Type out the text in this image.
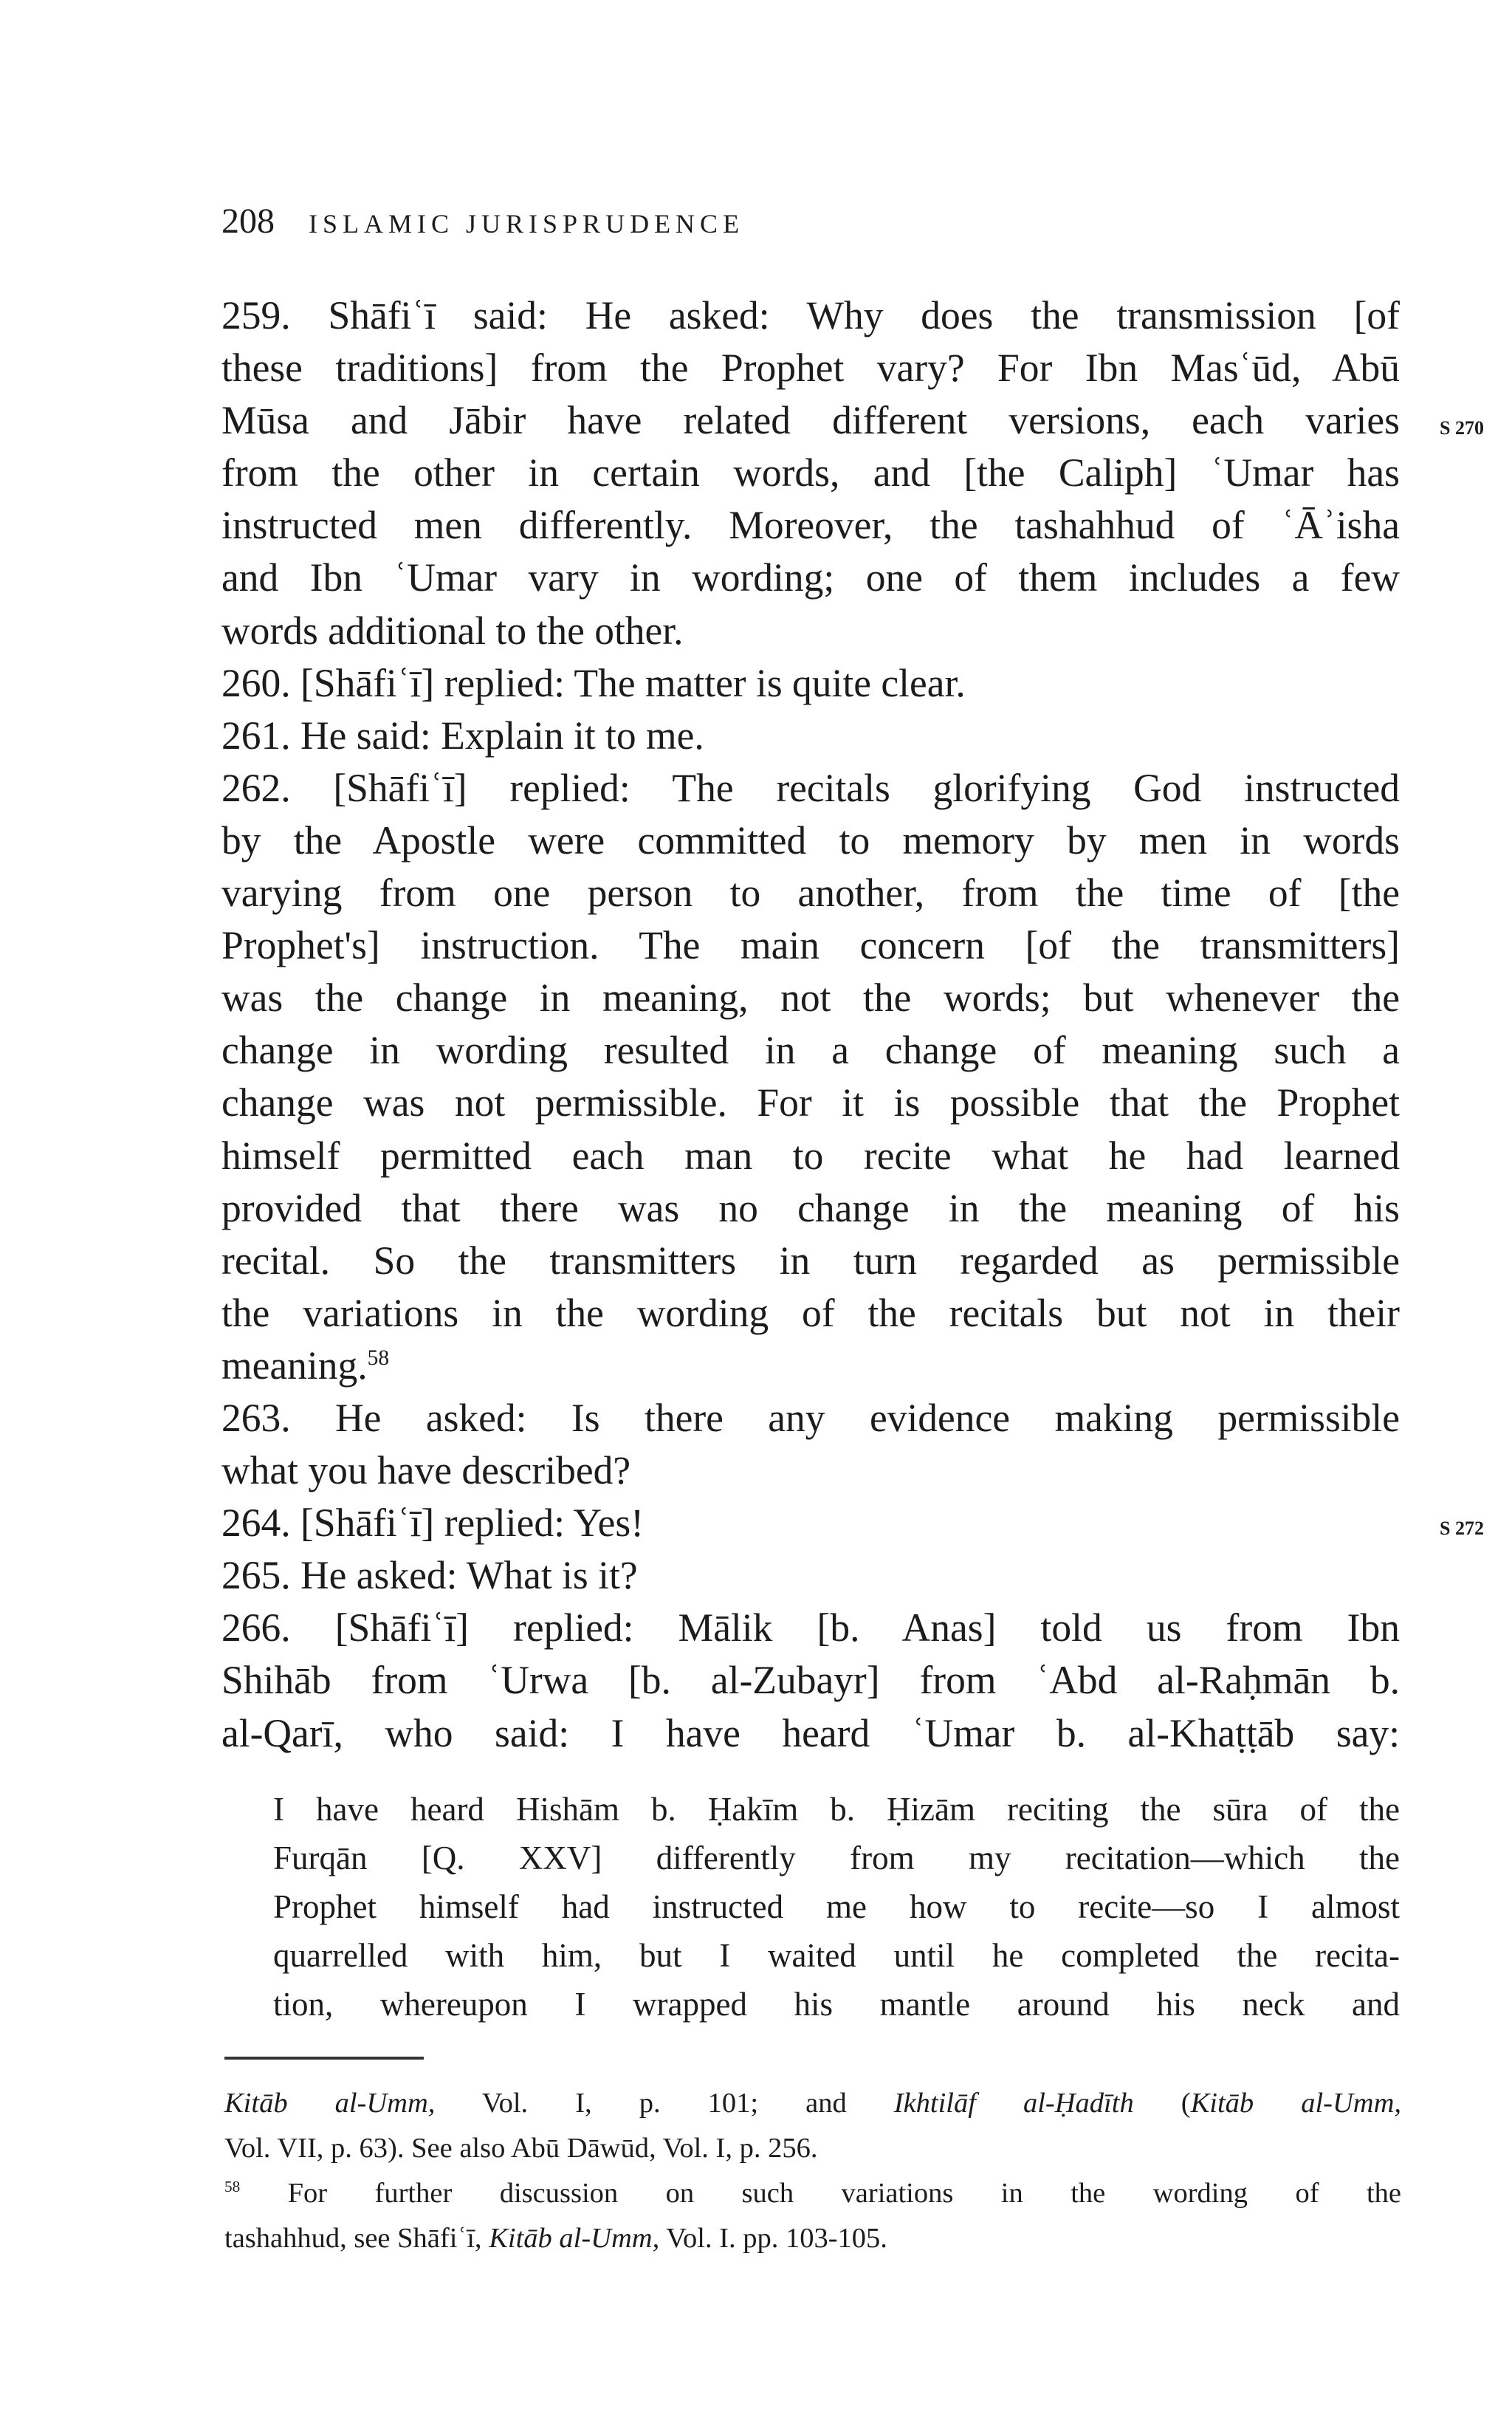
208 ISLAMIC JURISPRUDENCE
S 270
S 272
259. Shāfiʿī said: He asked: Why does the transmission [of
these traditions] from the Prophet vary? For Ibn Masʿūd, Abū
Mūsa and Jābir have related different versions, each varies
from the other in certain words, and [the Caliph] ʿUmar has
instructed men differently. Moreover, the tashahhud of ʿĀʾisha
and Ibn ʿUmar vary in wording; one of them includes a few
words additional to the other.
260. [Shāfiʿī] replied: The matter is quite clear.
261. He said: Explain it to me.
262. [Shāfiʿī] replied: The recitals glorifying God instructed
by the Apostle were committed to memory by men in words
varying from one person to another, from the time of [the
Prophet's] instruction. The main concern [of the transmitters]
was the change in meaning, not the words; but whenever the
change in wording resulted in a change of meaning such a
change was not permissible. For it is possible that the Prophet
himself permitted each man to recite what he had learned
provided that there was no change in the meaning of his
recital. So the transmitters in turn regarded as permissible
the variations in the wording of the recitals but not in their
meaning.$^{58}$
263. He asked: Is there any evidence making permissible
what you have described?
264. [Shāfiʿī] replied: Yes!
265. He asked: What is it?
266. [Shāfiʿī] replied: Mālik [b. Anas] told us from Ibn
Shihāb from ʿUrwa [b. al-Zubayr] from ʿAbd al-Raḥmān b.
al-Qarī, who said: I have heard ʿUmar b. al-Khaṭṭāb say:
I have heard Hishām b. Ḥakīm b. Ḥizām reciting the sūra of the
Furqān [Q. XXV] differently from my recitation—which the
Prophet himself had instructed me how to recite—so I almost
quarrelled with him, but I waited until he completed the recita-
tion, whereupon I wrapped his mantle around his neck and
Kitāb al-Umm, Vol. I, p. 101; and Ikhtilāf al-Ḥadīth (Kitāb al-Umm,
Vol. VII, p. 63). See also Abū Dāwūd, Vol. I, p. 256.
$^{58}$ For further discussion on such variations in the wording of the
tashahhud, see Shāfiʿī, Kitāb al-Umm, Vol. I. pp. 103-105.
